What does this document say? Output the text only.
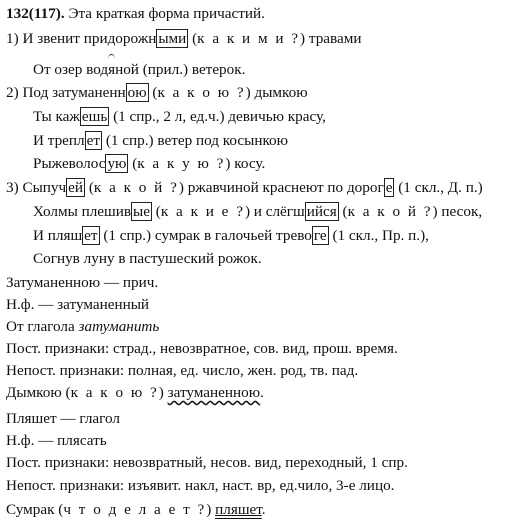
132(117). Эта краткая форма причастий.
1) И звенит придорожн ыми (к а к и м и ?) травами
От озер водяной (прил.) ветерок.
2) Под затуманенн ою (к а к о ю ?) дымкою
Ты каж ешь (1 спр., 2 л, ед.ч.) девичью красу,
И трепл ет (1 спр.) ветер под косынкою
Рыжеволос ую (к а к у ю ?) косу.
3) Сыпуч ей (к а к о й ?) ржавчиной краснеют по дорог е (1 скл., Д. п.)
Холмы плешив ые (к а к и е ?) и слёгш ийся (к а к о й ?) песок,
И пляш ет (1 спр.) сумрак в галочьей трево ге (1 скл., Пр. п.),
Согнув луну в пастушеский рожок.
Затуманенною — прич.
Н.ф. — затуманенный
От глагола затуманить
Пост. признаки: страд., невозвратное, сов. вид, прош. время.
Непост. признаки: полная, ед. число, жен. род, тв. пад.
Дымкою (к а к о ю ?) затуманенною.
Пляшет — глагол
Н.ф. — плясать
Пост. признаки: невозвратный, несов. вид, переходный, 1 спр.
Непост. признаки: изъявит. накл, наст. вр, ед.чило, 3-е лицо.
Сумрак (ч т о д е л а е т ?) пляшет.
